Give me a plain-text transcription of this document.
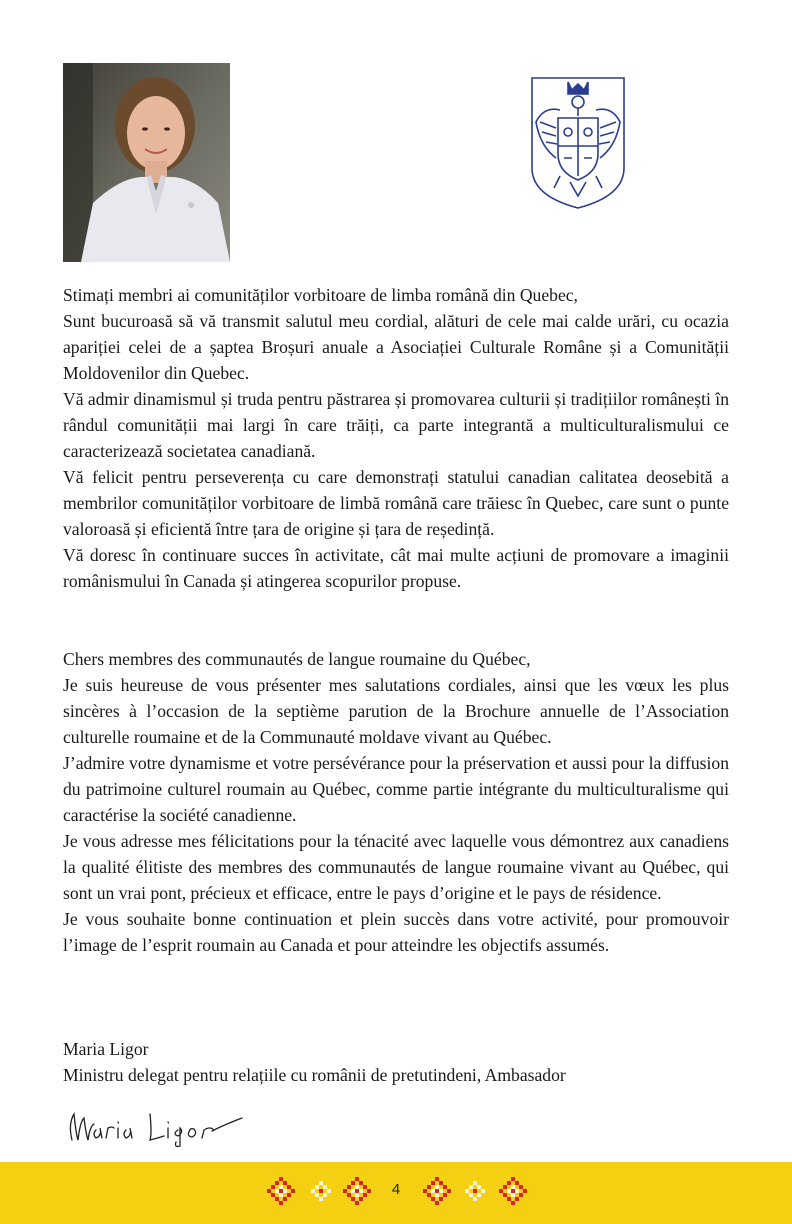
Stimați membri ai comunităților vorbitoare de limba română din Quebec,

Sunt bucuroasă să vă transmit salutul meu cordial, alături de cele mai calde urări, cu ocazia apariției celei de a șaptea Broșuri anuale a Asociației Culturale Române și a Comunității Moldovenilor din Quebec.

Vă admir dinamismul și truda pentru păstrarea și promovarea culturii și tradițiilor românești în rândul comunității mai largi în care trăiți, ca parte integrantă a multiculturalismului ce caracterizează societatea canadiană.

Vă felicit pentru perseverența cu care demonstrați statului canadian calitatea deosebită a membrilor comunităților vorbitoare de limbă română care trăiesc în Quebec, care sunt o punte valoroasă și eficientă între țara de origine și țara de reședință.

Vă doresc în continuare succes în activitate, cât mai multe acțiuni de promovare a imaginii românismului în Canada și atingerea scopurilor propuse.

Chers membres des communautés de langue roumaine du Québec,

Je suis heureuse de vous présenter mes salutations cordiales, ainsi que les vœux les plus sincères à l’occasion de la septième parution de la Brochure annuelle de l’Association culturelle roumaine et de la Communauté moldave vivant au Québec.

J’admire votre dynamisme et votre persévérance pour la préservation et aussi pour la diffusion du patrimoine culturel roumain au Québec, comme partie intégrante du multiculturalisme qui caractérise la société canadienne.

Je vous adresse mes félicitations pour la ténacité avec laquelle vous démontrez aux canadiens la qualité élitiste des membres des communautés de langue roumaine vivant au Québec, qui sont un vrai pont, précieux et efficace, entre le pays d’origine et le pays de résidence.

Je vous souhaite bonne continuation et plein succès dans votre activité, pour promouvoir l’image de l’esprit roumain au Canada et pour atteindre les objectifs assumés.

Maria Ligor

Ministru delegat pentru relațiile cu românii de pretutindeni, Ambasador

4
